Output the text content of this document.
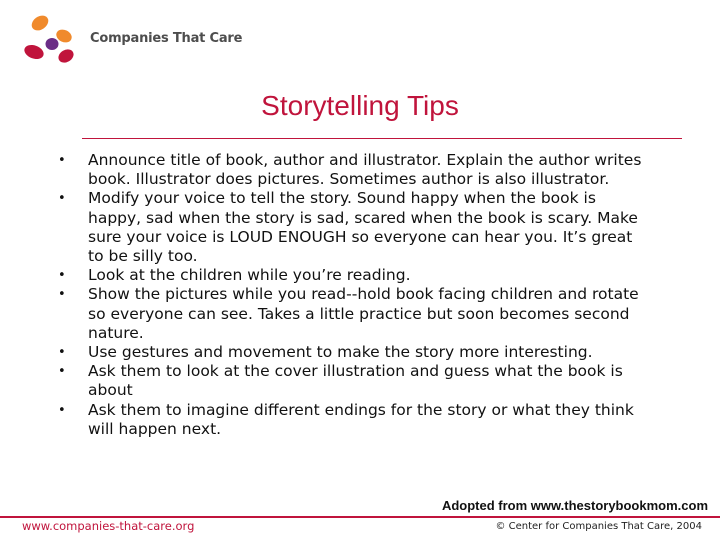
Companies That Care
Storytelling Tips
• Announce title of book, author and illustrator. Explain the author writes
book. Illustrator does pictures. Sometimes author is also illustrator.
• Modify your voice to tell the story. Sound happy when the book is
happy, sad when the story is sad, scared when the book is scary. Make
sure your voice is LOUD ENOUGH so everyone can hear you. It’s great
to be silly too.
• Look at the children while you’re reading.
• Show the pictures while you read--hold book facing children and rotate
so everyone can see. Takes a little practice but soon becomes second
nature.
• Use gestures and movement to make the story more interesting.
• Ask them to look at the cover illustration and guess what the book is
about
• Ask them to imagine different endings for the story or what they think
will happen next.
Adopted from www.thestorybookmom.com
www.companies-that-care.org	© Center for Companies That Care, 2004
